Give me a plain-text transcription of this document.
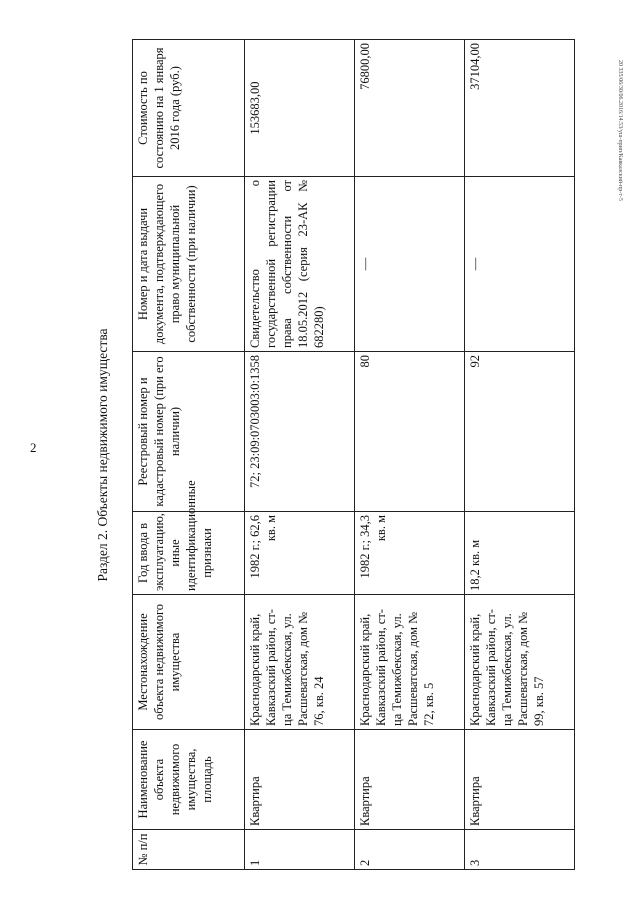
2
20 335/06/30/06.2016/14.53/уш-прип/Кавказский-пр-т-5
Раздел 2. Объекты недвижимого имущества
№ п/п	Наименование объекта недвижимого имущества, площадь	Местонахождение объекта недвижимого имущества	Год ввода в эксплуатацию, иные идентификационные признаки	Реестровый номер и кадастровый номер (при его наличии)	Номер и дата выдачи документа, подтверждающего право муниципальной собственности (при наличии)	Стоимость по состоянию на 1 января 2016 года (руб.)
1	Квартира	Краснодарский край, Кавказский район, ст-ца Темижбекская, ул. Расшеватская, дом № 76, кв. 24	1982 г.; 62,6 кв. м	72; 23:09:0703003:0:1358	Свидетельство о государственной регистрации права собственности от 18.05.2012 (серия 23-АК № 682280)	153683,00
2	Квартира	Краснодарский край, Кавказский район, ст-ца Темижбекская, ул. Расшеватская, дом № 72, кв. 5	1982 г.; 34,3 кв. м	80	—	76800,00
3	Квартира	Краснодарский край, Кавказский район, ст-ца Темижбекская, ул. Расшеватская, дом № 99, кв. 57	18,2 кв. м	92	—	37104,00
